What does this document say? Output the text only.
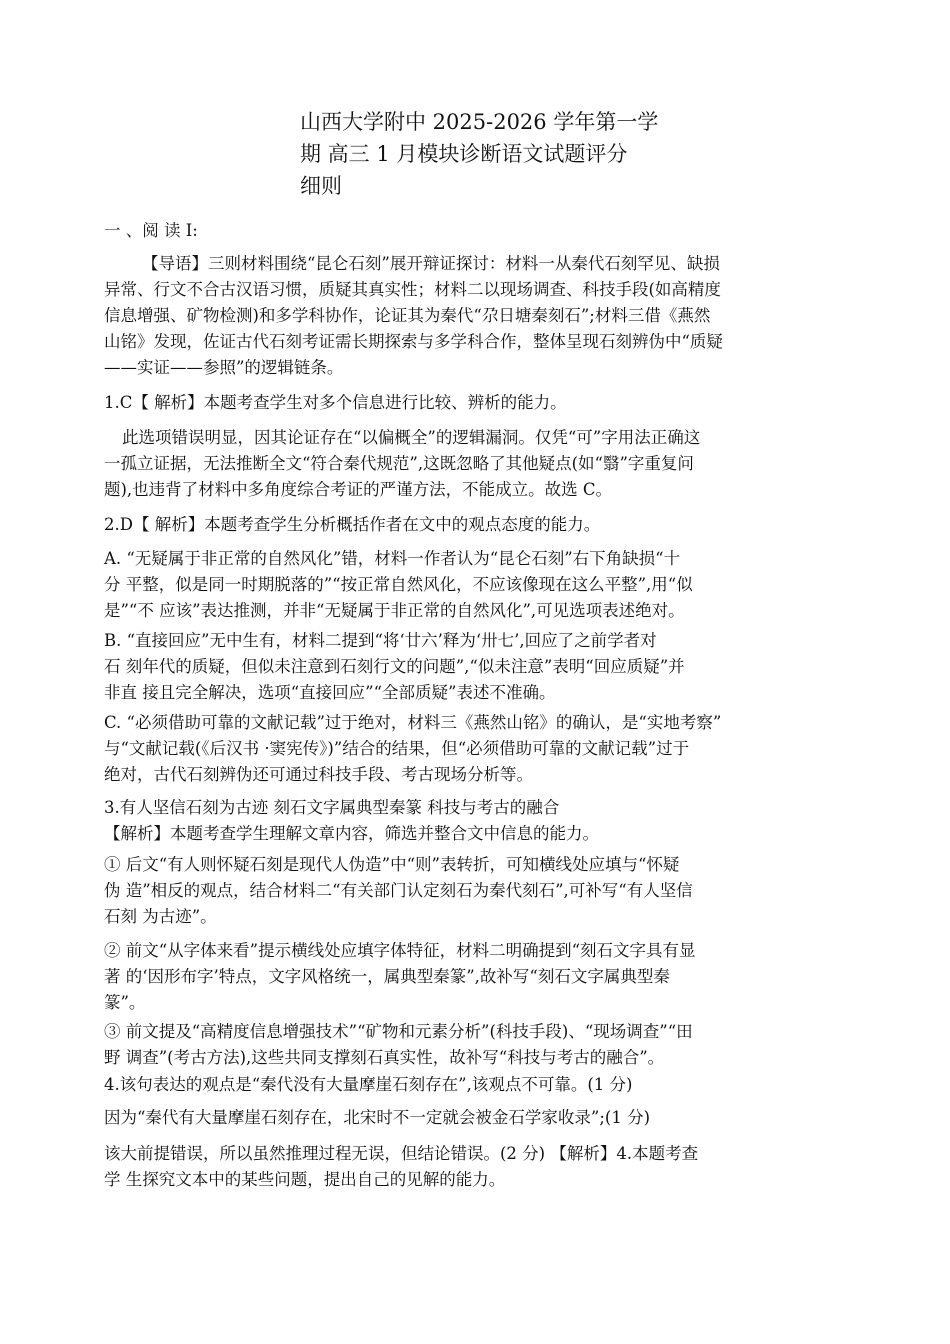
山西大学附中 2025-2026 学年第一学
期 高三 1 月模块诊断语文试题评分
细则
一 、阅 读 I:
【导语】三则材料围绕“昆仑石刻”展开辩证探讨：材料一从秦代石刻罕见、缺损
异常、行文不合古汉语习惯，质疑其真实性；材料二以现场调查、科技手段(如高精度
信息增强、矿物检测)和多学科协作，论证其为秦代“尕日塘秦刻石”;材料三借《燕然
山铭》发现，佐证古代石刻考证需长期探索与多学科合作，整体呈现石刻辨伪中“质疑
——实证——参照”的逻辑链条。
1.C【 解析】本题考查学生对多个信息进行比较、辨析的能力。
此选项错误明显，因其论证存在“以偏概全”的逻辑漏洞。仅凭“可”字用法正确这
一孤立证据，无法推断全文“符合秦代规范”,这既忽略了其他疑点(如“翳”字重复问
题),也违背了材料中多角度综合考证的严谨方法，不能成立。故选 C。
2.D【 解析】本题考查学生分析概括作者在文中的观点态度的能力。
A. “无疑属于非正常的自然风化”错，材料一作者认为“昆仑石刻”右下角缺损“十
分 平整，似是同一时期脱落的”“按正常自然风化，不应该像现在这么平整”,用“似
是”“不 应该”表达推测，并非“无疑属于非正常的自然风化”,可见选项表述绝对。
B. “直接回应”无中生有，材料二提到“将‘廿六’释为‘卅七’,回应了之前学者对
石 刻年代的质疑，但似未注意到石刻行文的问题”,“似未注意”表明“回应质疑”并
非直 接且完全解决，选项“直接回应”“全部质疑”表述不准确。
C. “必须借助可靠的文献记载”过于绝对，材料三《燕然山铭》的确认，是“实地考察”
与“文献记载(《后汉书 ·窦宪传》)”结合的结果，但“必须借助可靠的文献记载”过于
绝对，古代石刻辨伪还可通过科技手段、考古现场分析等。
3.有人坚信石刻为古迹 刻石文字属典型秦篆 科技与考古的融合
【解析】本题考查学生理解文章内容，筛选并整合文中信息的能力。
① 后文“有人则怀疑石刻是现代人伪造”中“则”表转折，可知横线处应填与“怀疑
伪 造”相反的观点，结合材料二“有关部门认定刻石为秦代刻石”,可补写“有人坚信
石刻 为古迹”。
② 前文“从字体来看”提示横线处应填字体特征，材料二明确提到“刻石文字具有显
著 的‘因形布字’特点，文字风格统一，属典型秦篆”,故补写“刻石文字属典型秦
篆”。
③ 前文提及“高精度信息增强技术”“矿物和元素分析”(科技手段)、“现场调查”“田
野 调查”(考古方法),这些共同支撑刻石真实性，故补写“科技与考古的融合”。
4.该句表达的观点是“秦代没有大量摩崖石刻存在”,该观点不可靠。(1 分)
因为“秦代有大量摩崖石刻存在，北宋时不一定就会被金石学家收录”;(1 分)
该大前提错误，所以虽然推理过程无误，但结论错误。(2 分) 【解析】4.本题考查
学 生探究文本中的某些问题，提出自己的见解的能力。
